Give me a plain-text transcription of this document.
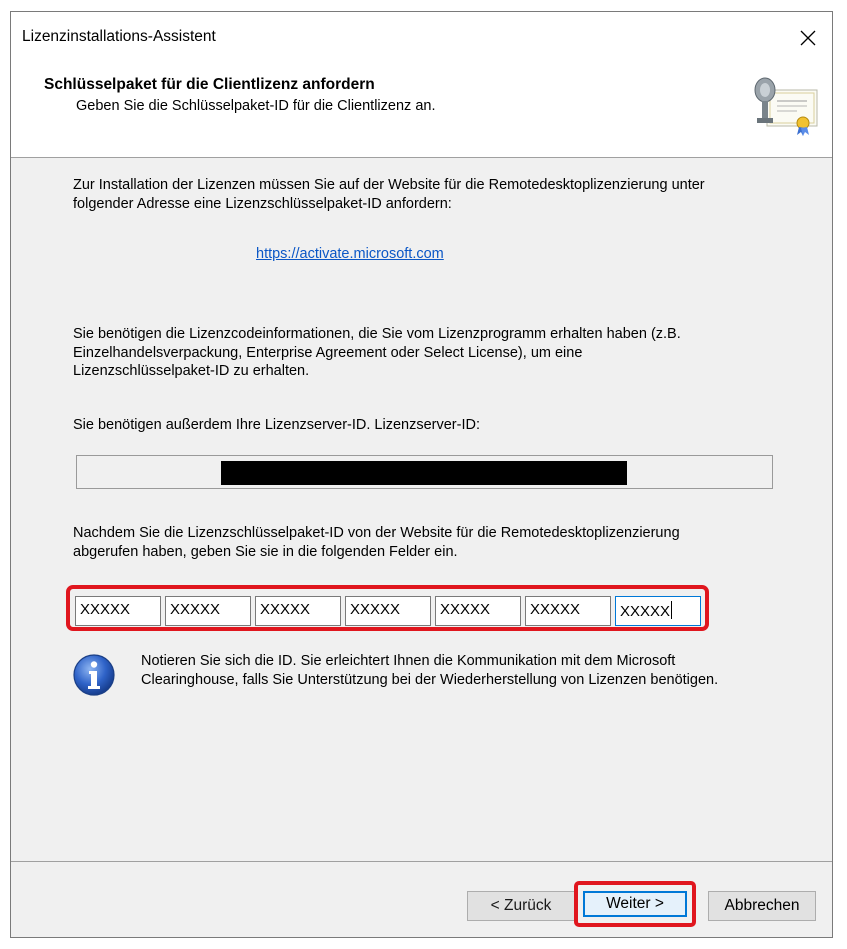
Lizenzinstallations-Assistent
Schlüsselpaket für die Clientlizenz anfordern
Geben Sie die Schlüsselpaket-ID für die Clientlizenz an.
Zur Installation der Lizenzen müssen Sie auf der Website für die Remotedesktoplizenzierung unter
folgender Adresse eine Lizenzschlüsselpaket-ID anfordern:
https://activate.microsoft.com
Sie benötigen die Lizenzcodeinformationen, die Sie vom Lizenzprogramm erhalten haben (z.B.
Einzelhandelsverpackung, Enterprise Agreement oder Select License), um eine
Lizenzschlüsselpaket-ID zu erhalten.
Sie benötigen außerdem Ihre Lizenzserver-ID. Lizenzserver-ID:
Nachdem Sie die Lizenzschlüsselpaket-ID von der Website für die Remotedesktoplizenzierung
abgerufen haben, geben Sie sie in die folgenden Felder ein.
XXXXX	XXXXX	XXXXX	XXXXX	XXXXX	XXXXX	XXXXX
Notieren Sie sich die ID. Sie erleichtert Ihnen die Kommunikation mit dem Microsoft
Clearinghouse, falls Sie Unterstützung bei der Wiederherstellung von Lizenzen benötigen.
< Zurück	Weiter >	Abbrechen
